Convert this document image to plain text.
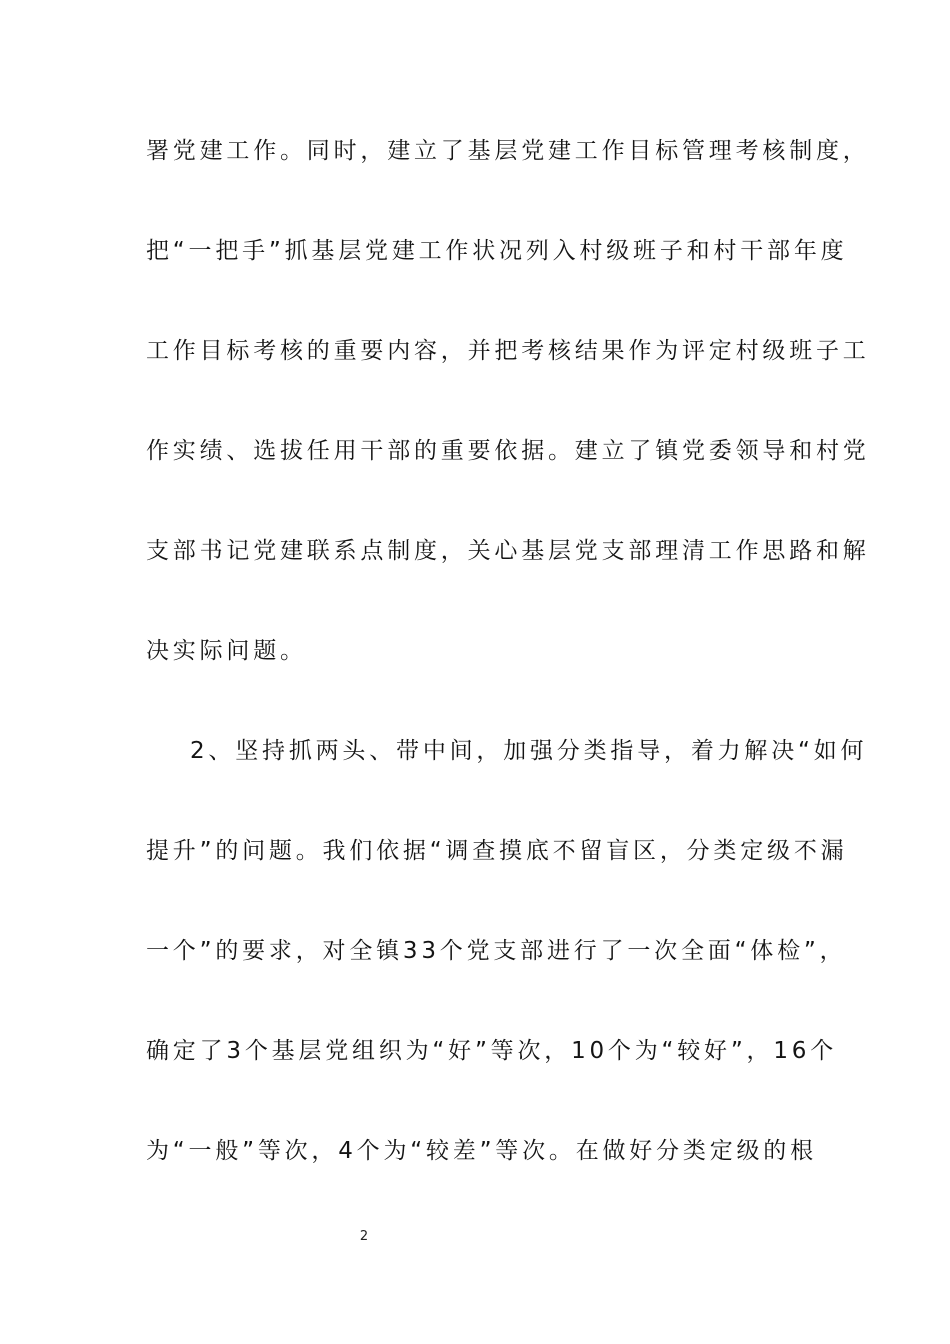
署党建工作。同时，建立了基层党建工作目标管理考核制度，
把“一把手”抓基层党建工作状况列入村级班子和村干部年度
工作目标考核的重要内容，并把考核结果作为评定村级班子工
作实绩、选拔任用干部的重要依据。建立了镇党委领导和村党
支部书记党建联系点制度，关心基层党支部理清工作思路和解
决实际问题。
2、坚持抓两头、带中间，加强分类指导，着力解决“如何
提升”的问题。我们依据“调查摸底不留盲区，分类定级不漏
一个”的要求，对全镇33个党支部进行了一次全面“体检”，
确定了3个基层党组织为“好”等次，10个为“较好”，16个
为“一般”等次，4个为“较差”等次。在做好分类定级的根
2
